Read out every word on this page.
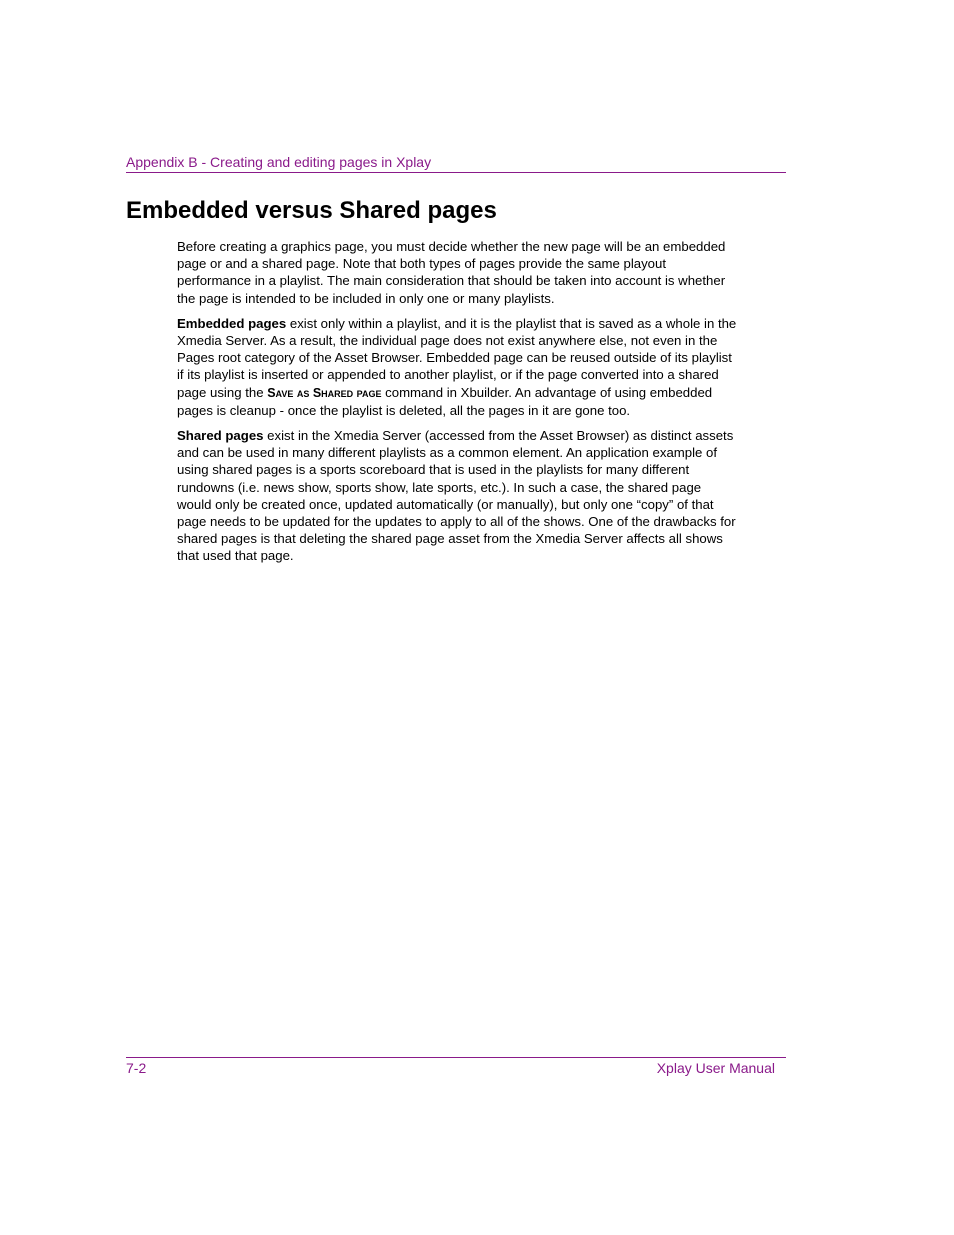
Appendix B - Creating and editing pages in Xplay
Embedded versus Shared pages

Before creating a graphics page, you must decide whether the new page will be an embedded page or and a shared page. Note that both types of pages provide the same playout performance in a playlist. The main consideration that should be taken into account is whether the page is intended to be included in only one or many playlists.

Embedded pages exist only within a playlist, and it is the playlist that is saved as a whole in the Xmedia Server. As a result, the individual page does not exist anywhere else, not even in the Pages root category of the Asset Browser. Embedded page can be reused outside of its playlist if its playlist is inserted or appended to another playlist, or if the page converted into a shared page using the Save as Shared page command in Xbuilder. An advantage of using embedded pages is cleanup - once the playlist is deleted, all the pages in it are gone too.

Shared pages exist in the Xmedia Server (accessed from the Asset Browser) as distinct assets and can be used in many different playlists as a common element. An application example of using shared pages is a sports scoreboard that is used in the playlists for many different rundowns (i.e. news show, sports show, late sports, etc.). In such a case, the shared page would only be created once, updated automatically (or manually), but only one “copy” of that page needs to be updated for the updates to apply to all of the shows. One of the drawbacks for shared pages is that deleting the shared page asset from the Xmedia Server affects all shows that used that page.

7-2	Xplay User Manual
